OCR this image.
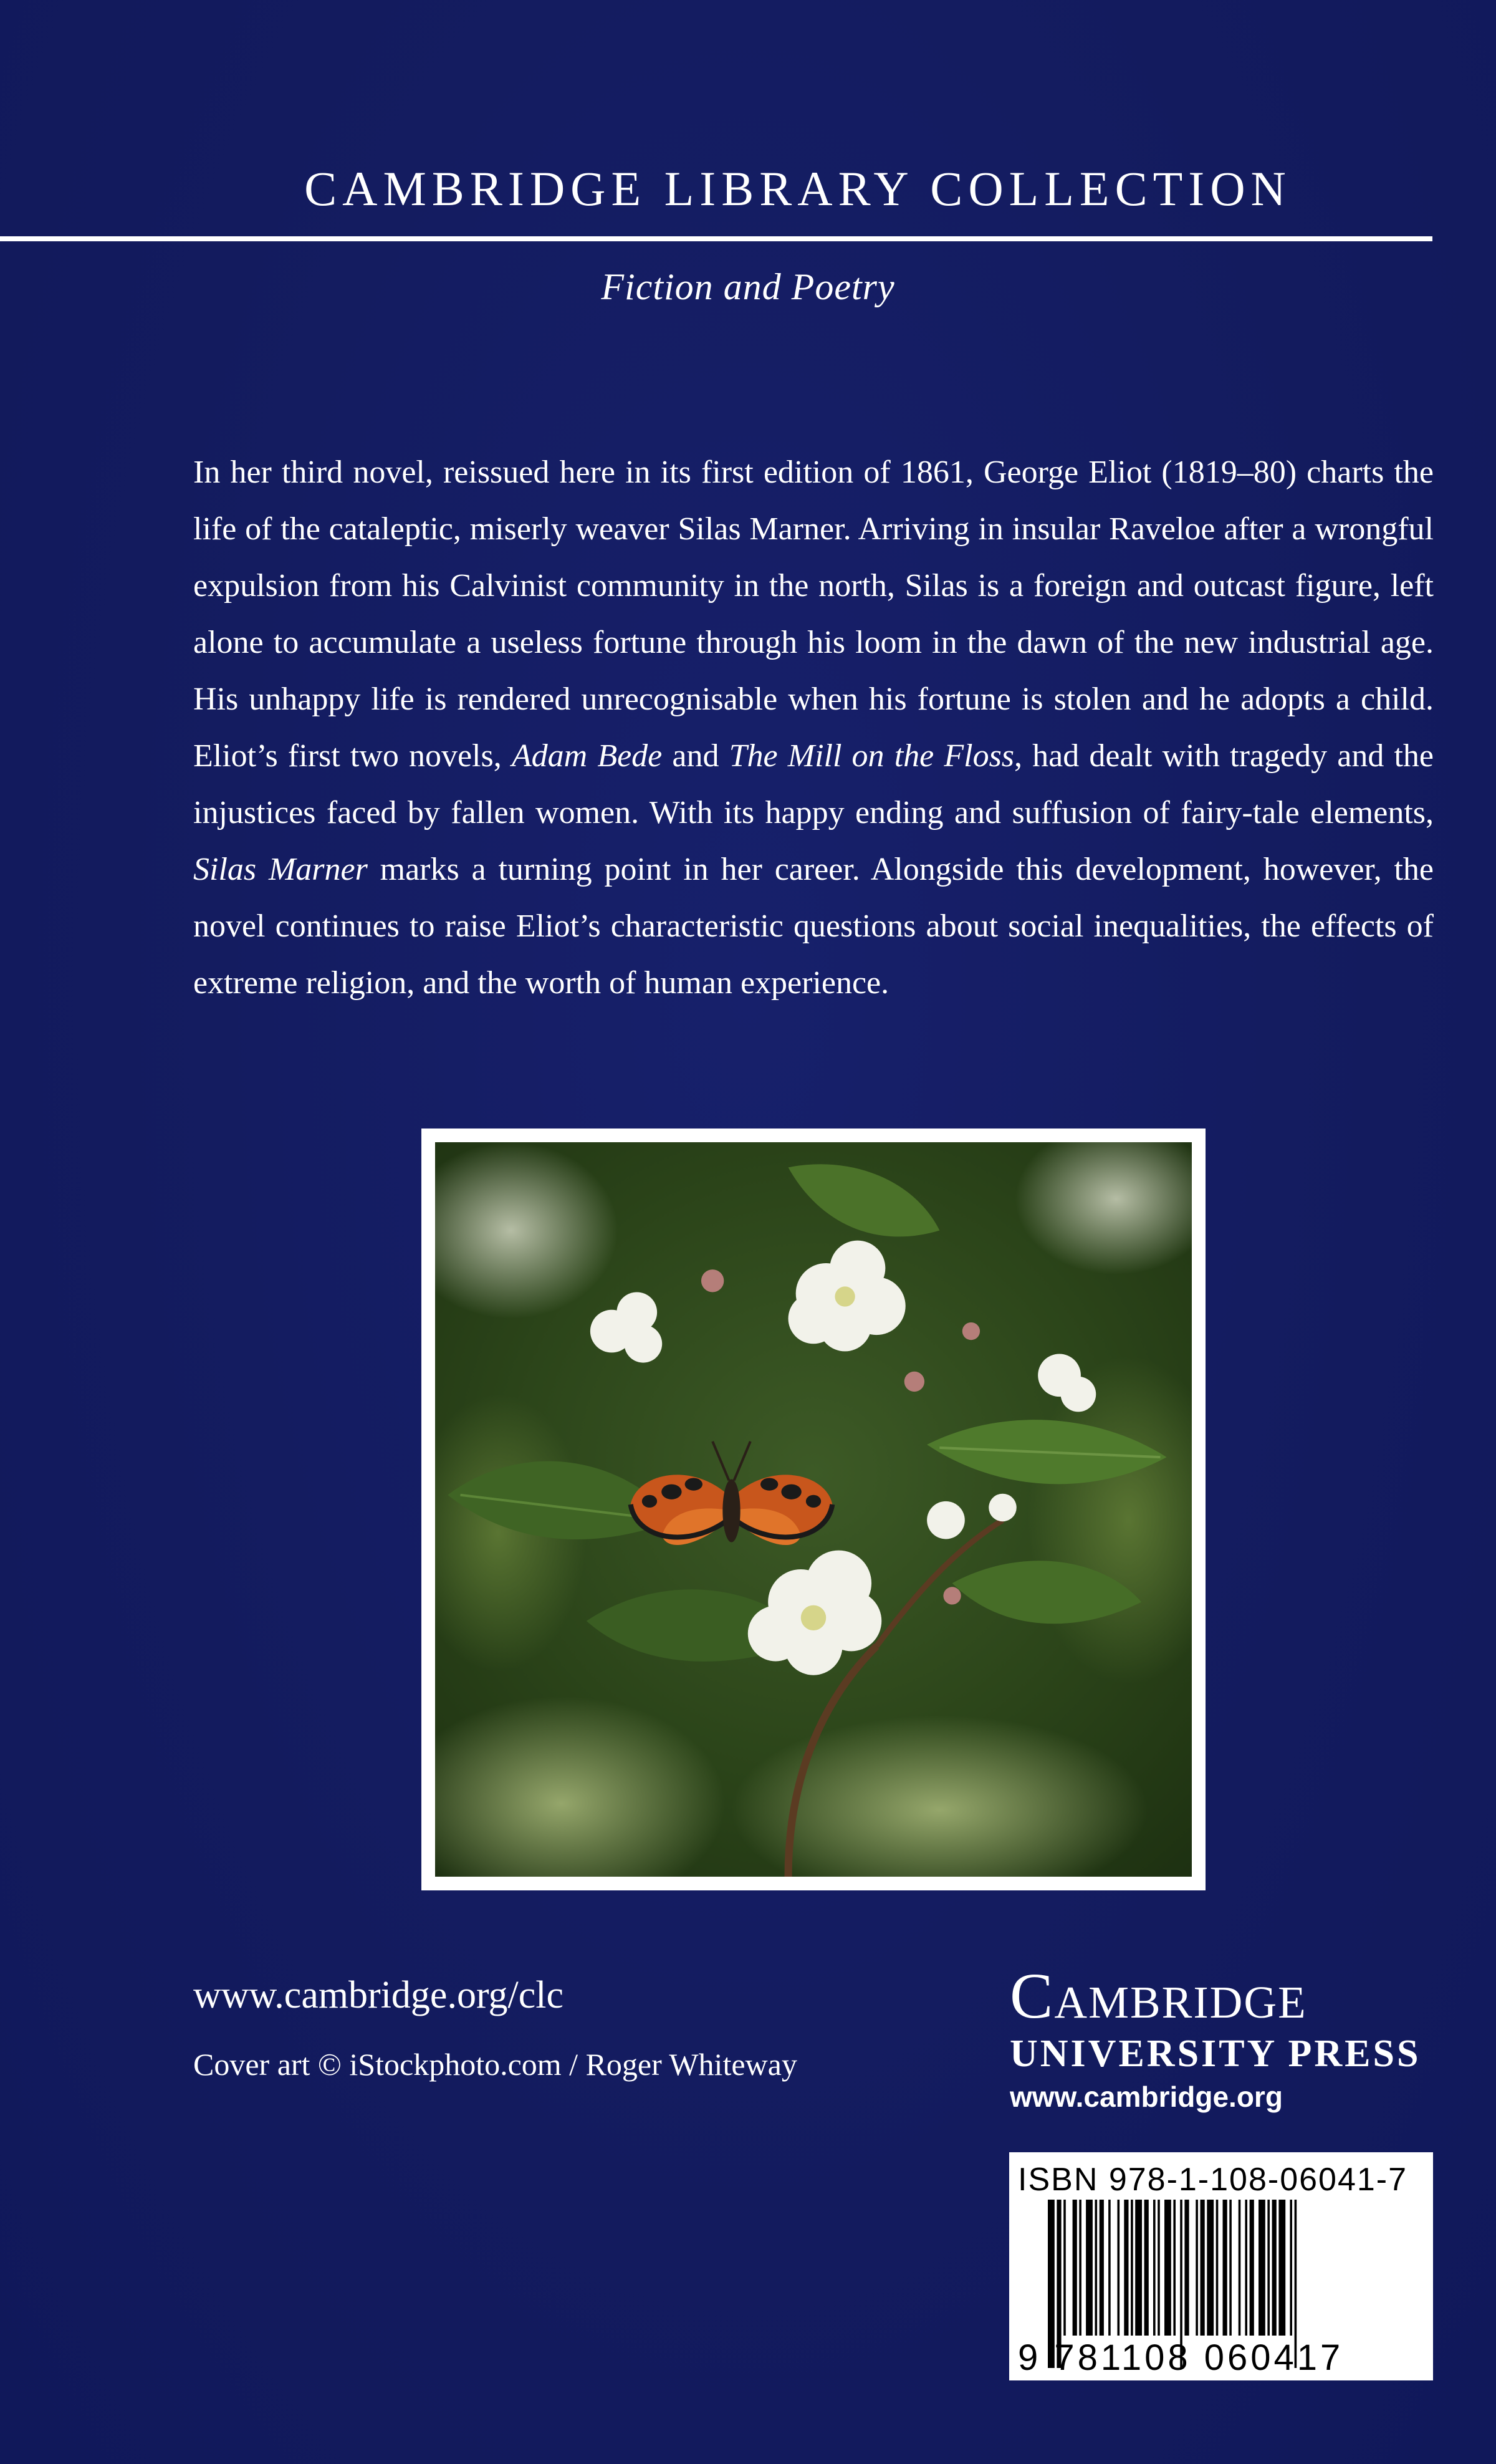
CAMBRIDGE LIBRARY COLLECTION
Fiction and Poetry
In her third novel, reissued here in its first edition of 1861, George Eliot (1819–80) charts the life of the cataleptic, miserly weaver Silas Marner. Arriving in insular Raveloe after a wrongful expulsion from his Calvinist community in the north, Silas is a foreign and outcast figure, left alone to accumulate a useless fortune through his loom in the dawn of the new industrial age. His unhappy life is rendered unrecognisable when his fortune is stolen and he adopts a child. Eliot’s first two novels, Adam Bede and The Mill on the Floss, had dealt with tragedy and the injustices faced by fallen women. With its happy ending and suffusion of fairy-tale elements, Silas Marner marks a turning point in her career. Alongside this development, however, the novel continues to raise Eliot’s characteristic questions about social inequalities, the effects of extreme religion, and the worth of human experience.
www.cambridge.org/clc
Cover art © iStockphoto.com / Roger Whiteway
Cambridge
UNIVERSITY PRESS
www.cambridge.org
ISBN 978-1-108-06041-7
9 781108 060417
